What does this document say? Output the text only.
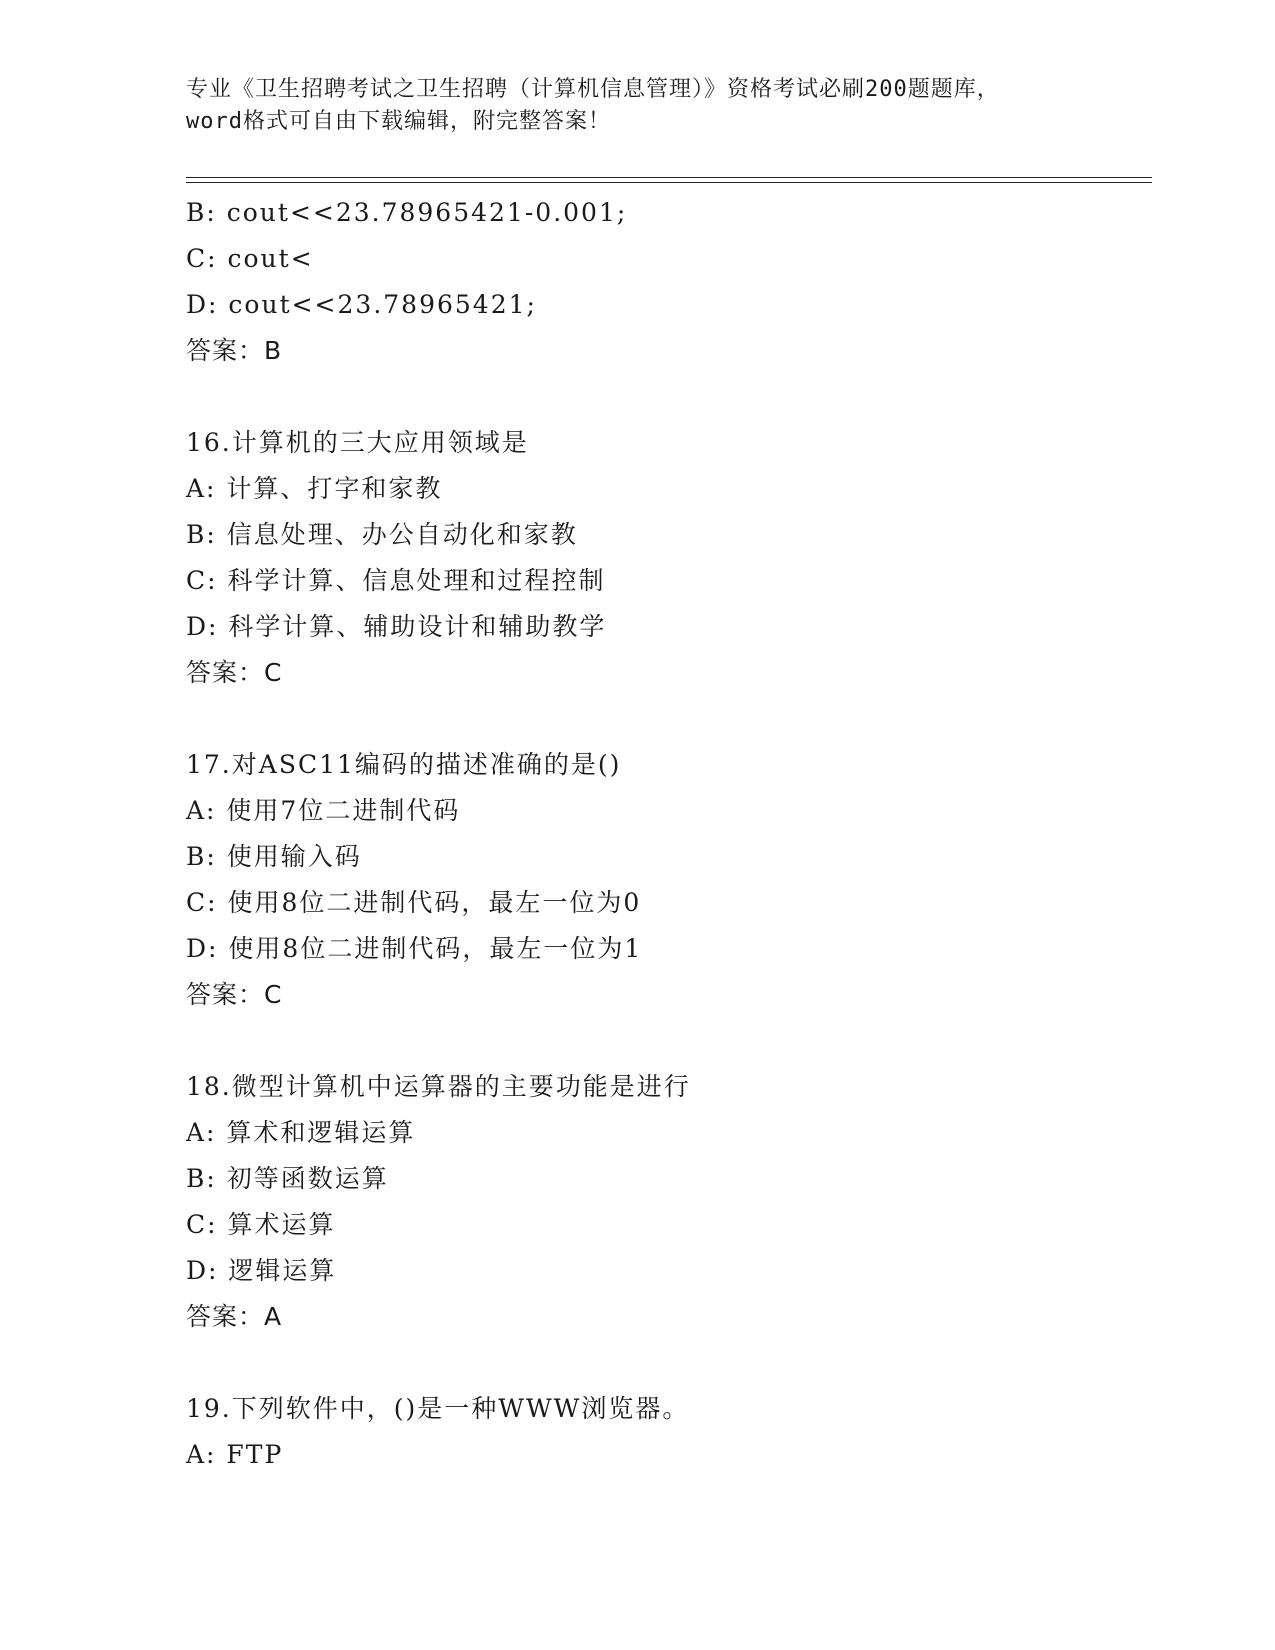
专业《卫生招聘考试之卫生招聘（计算机信息管理）》资格考试必刷200题题库，
word格式可自由下载编辑，附完整答案！
B: cout<<23.78965421-0.001;
C: cout<
D: cout<<23.78965421;
答案：B
16.计算机的三大应用领域是
A: 计算、打字和家教
B: 信息处理、办公自动化和家教
C: 科学计算、信息处理和过程控制
D: 科学计算、辅助设计和辅助教学
答案：C
17.对ASC11编码的描述准确的是()
A: 使用7位二进制代码
B: 使用输入码
C: 使用8位二进制代码，最左一位为0
D: 使用8位二进制代码，最左一位为1
答案：C
18.微型计算机中运算器的主要功能是进行
A: 算术和逻辑运算
B: 初等函数运算
C: 算术运算
D: 逻辑运算
答案：A
19.下列软件中，()是一种WWW浏览器。
A: FTP
